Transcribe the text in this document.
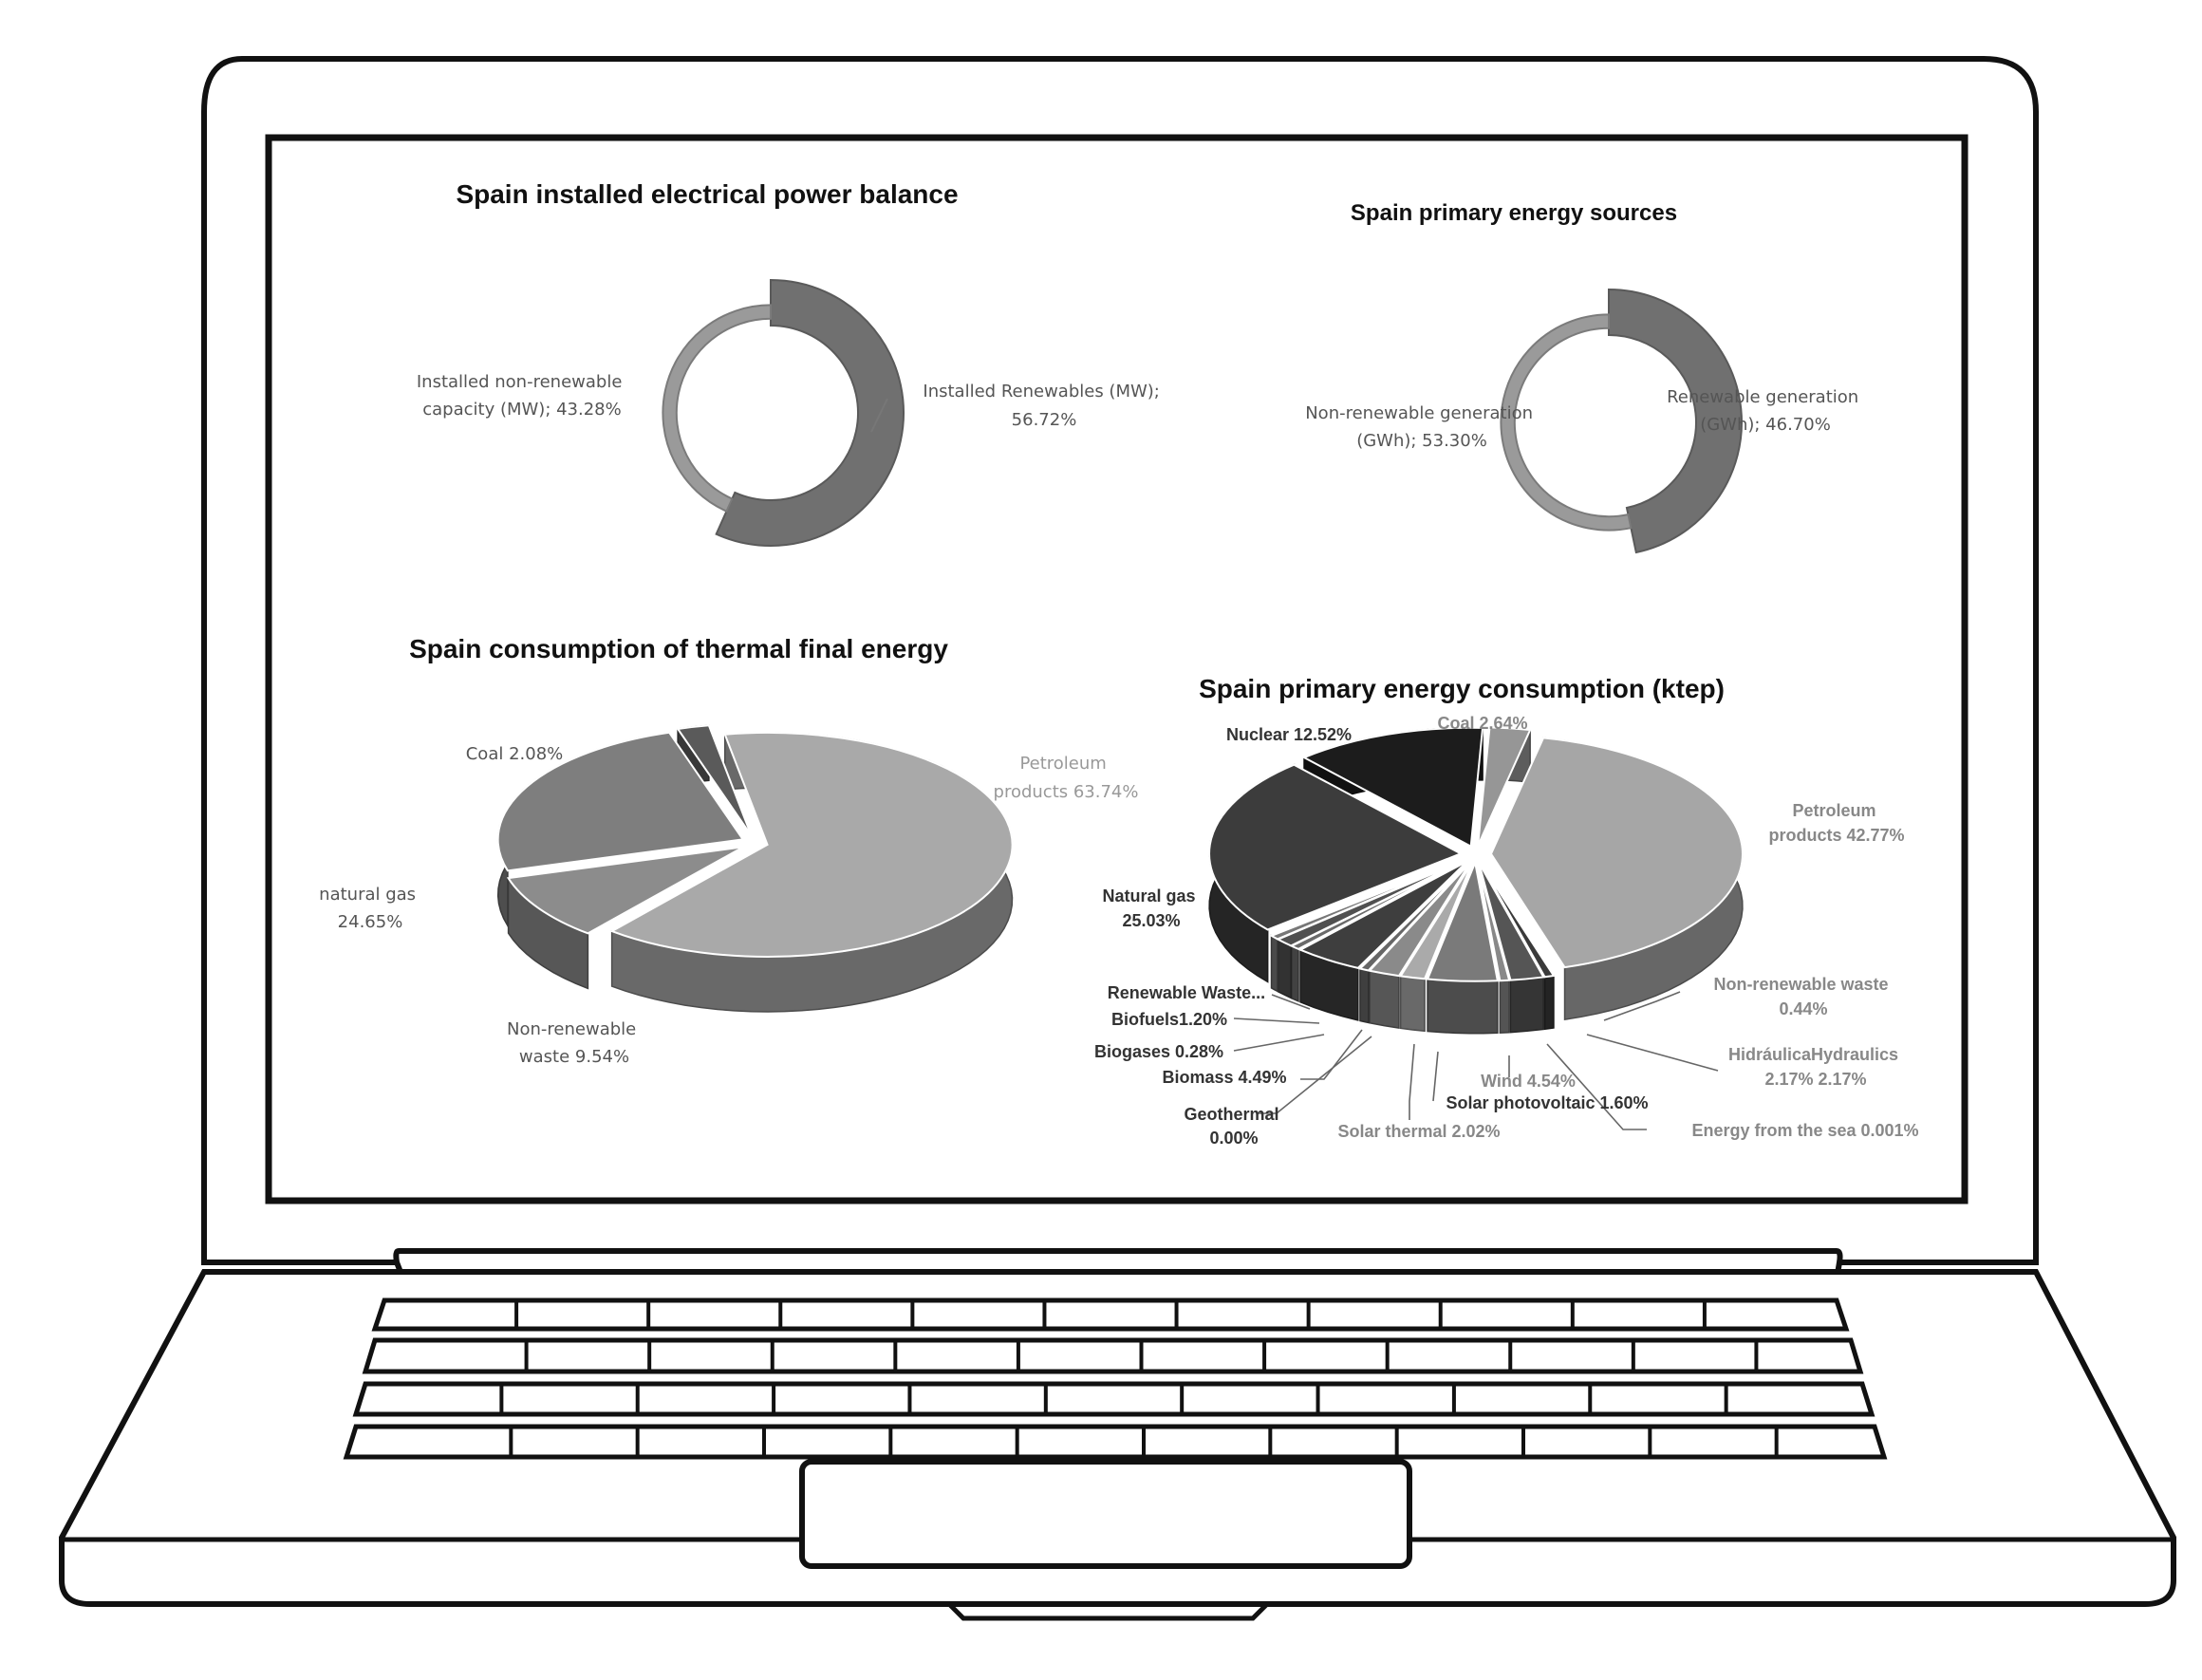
Spain installed electrical power balance
Installed non-renewable capacity (MW); 43.28%
Installed Renewables (MW); 56.72%
Spain primary energy sources
Non-renewable generation (GWh); 53.30%
Renewable generation (GWh); 46.70%
Spain consumption of thermal final energy
Petroleum products 63.74%
Coal 2.08%
natural gas 24.65%
Non-renewable waste 9.54%
Spain primary energy consumption (ktep)
Nuclear 12.52%
Coal 2.64%
Petroleum products 42.77%
Natural gas 25.03%
Renewable Waste...
Biofuels1.20%
Biogases 0.28%
Biomass 4.49%
Geothermal 0.00%	Solar thermal 2.02%
Wind 4.54%
Solar photovoltaic 1.60%
Energy from the sea 0.001%
Non-renewable waste 0.44%
HidráulicaHydraulics 2.17% 2.17%
